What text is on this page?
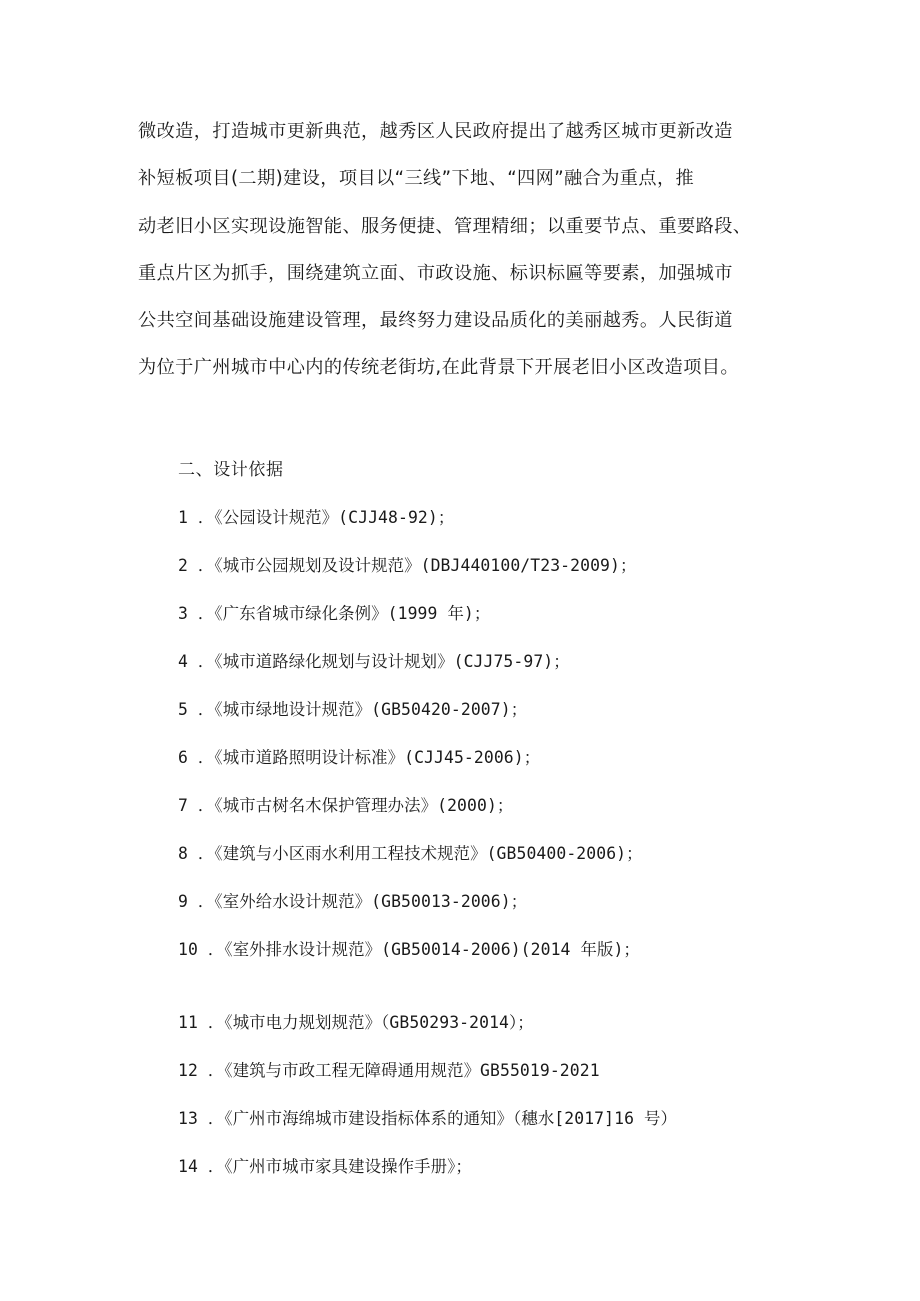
微改造，打造城市更新典范，越秀区人民政府提出了越秀区城市更新改造
补短板项目(二期)建设，项目以“三线”下地、“四网”融合为重点，推
动老旧小区实现设施智能、服务便捷、管理精细；以重要节点、重要路段、
重点片区为抓手，围绕建筑立面、市政设施、标识标匾等要素，加强城市
公共空间基础设施建设管理，最终努力建设品质化的美丽越秀。人民街道
为位于广州城市中心内的传统老街坊,在此背景下开展老旧小区改造项目。
二、设计依据
1 ．《公园设计规范》(CJJ48-92)；
2 ．《城市公园规划及设计规范》(DBJ440100/T23-2009)；
3 ．《广东省城市绿化条例》(1999 年)；
4 ．《城市道路绿化规划与设计规划》(CJJ75-97)；
5 ．《城市绿地设计规范》(GB50420-2007)；
6 ．《城市道路照明设计标准》(CJJ45-2006)；
7 ．《城市古树名木保护管理办法》(2000)；
8 ．《建筑与小区雨水利用工程技术规范》(GB50400-2006)；
9 ．《室外给水设计规范》(GB50013-2006)；
10 ．《室外排水设计规范》(GB50014-2006)(2014 年版)；
11 ．《城市电力规划规范》（GB50293-2014）；
12 ．《建筑与市政工程无障碍通用规范》GB55019-2021
13 ．《广州市海绵城市建设指标体系的通知》（穗水[2017]16 号）
14 ．《广州市城市家具建设操作手册》；
